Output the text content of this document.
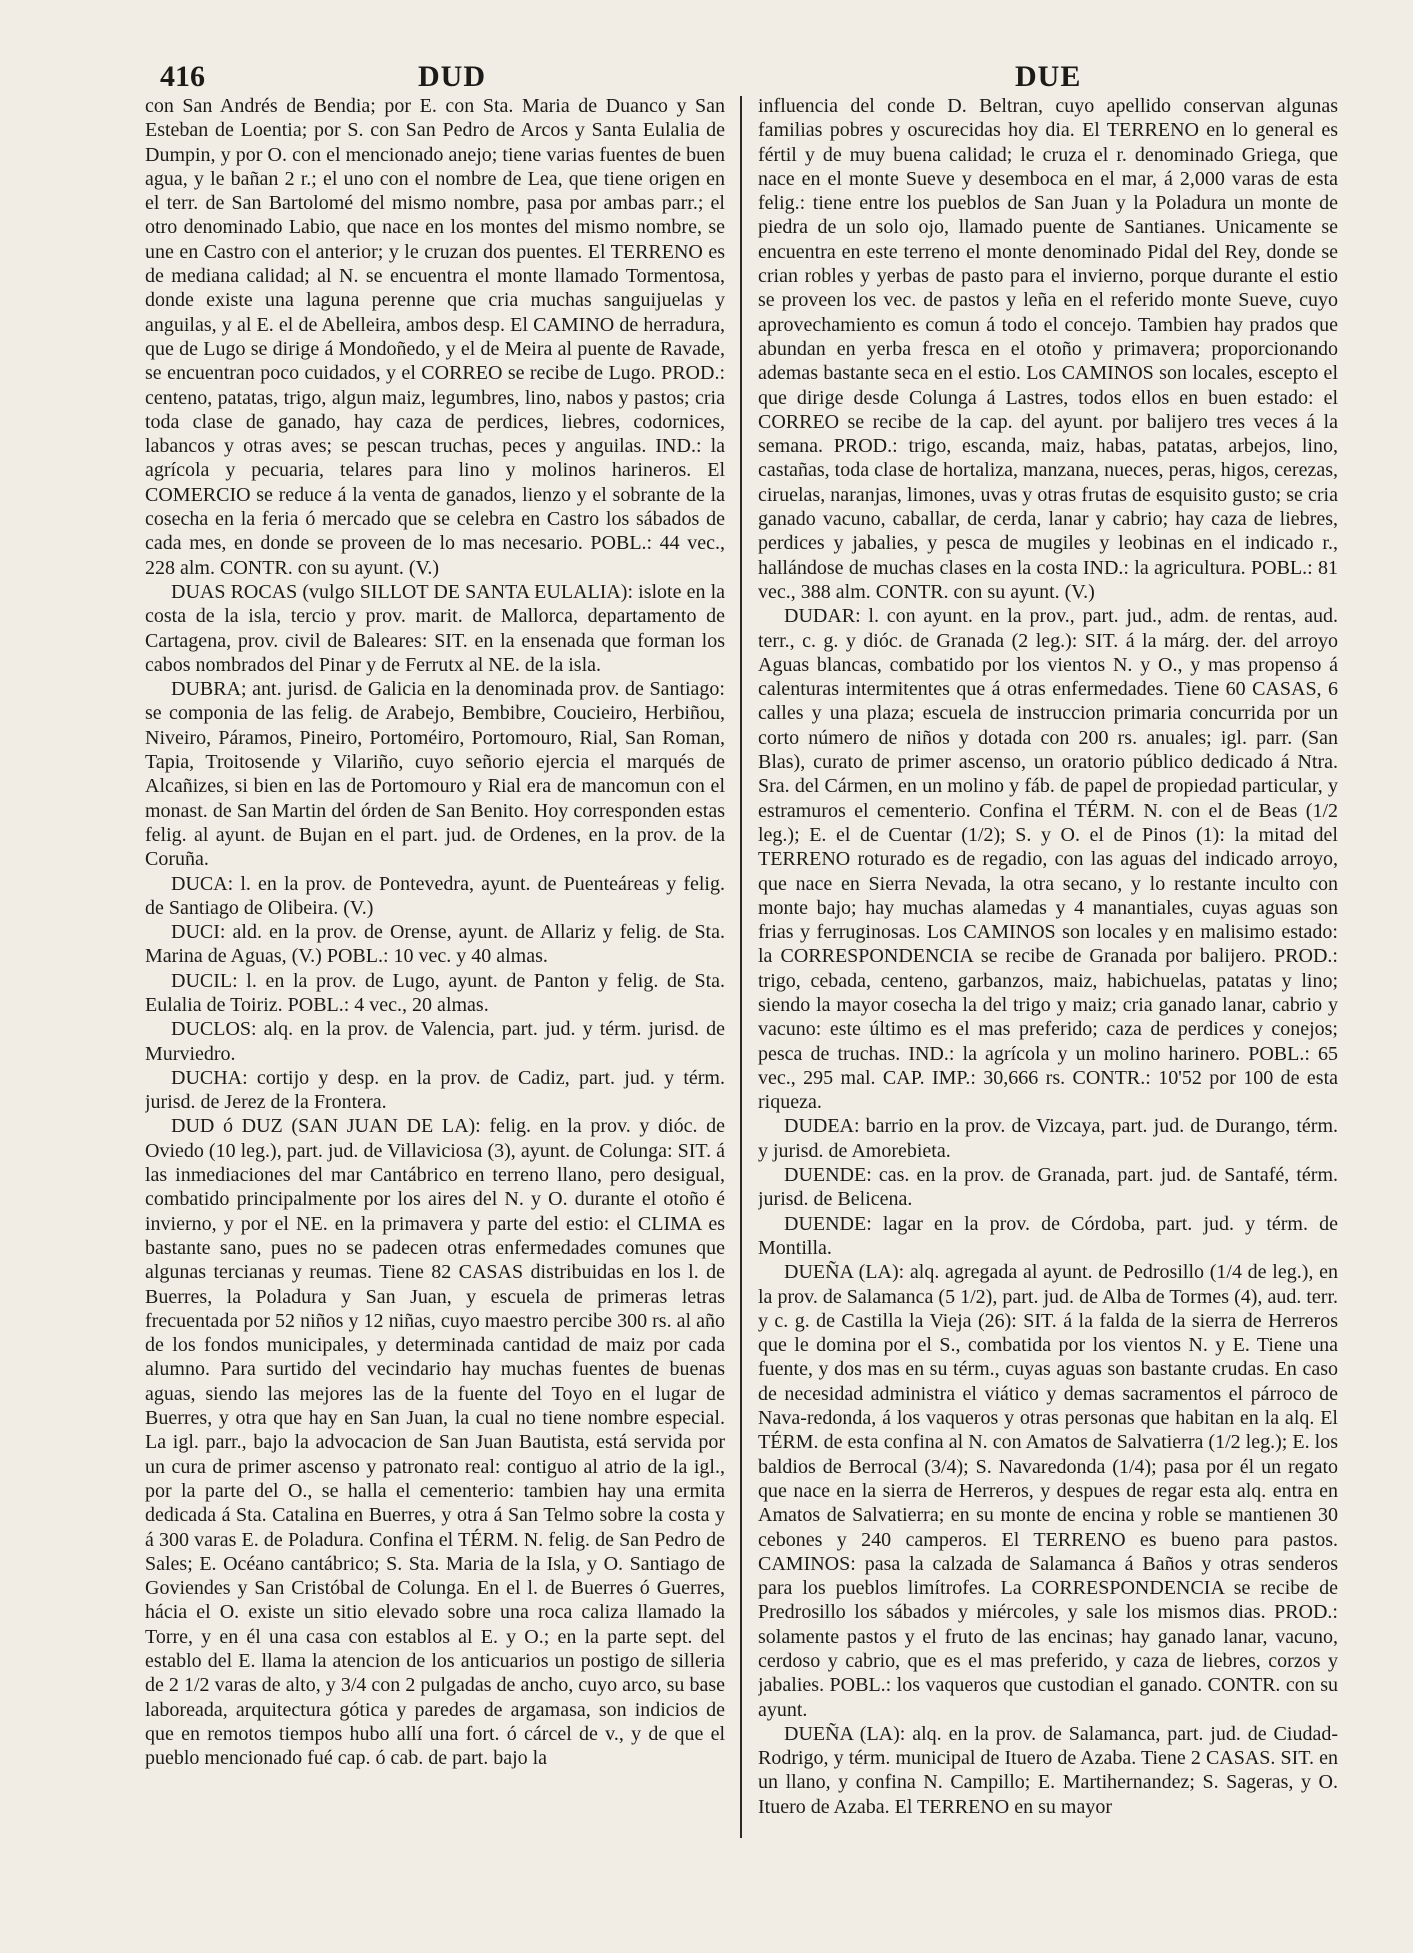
416	DUD	DUE

con San Andrés de Bendia; por E. con Sta. Maria de Duanco y San Esteban de Loentia; por S. con San Pedro de Arcos y Santa Eulalia de Dumpin, y por O. con el mencionado anejo; tiene varias fuentes de buen agua, y le bañan 2 r.; el uno con el nombre de Lea, que tiene origen en el terr. de San Bartolomé del mismo nombre, pasa por ambas parr.; el otro denominado Labio, que nace en los montes del mismo nombre, se une en Castro con el anterior; y le cruzan dos puentes. El TERRENO es de mediana calidad; al N. se encuentra el monte llamado Tormentosa, donde existe una laguna perenne que cria muchas sanguijuelas y anguilas, y al E. el de Abelleira, ambos desp. El CAMINO de herradura, que de Lugo se dirige á Mondoñedo, y el de Meira al puente de Ravade, se encuentran poco cuidados, y el CORREO se recibe de Lugo. PROD.: centeno, patatas, trigo, algun maiz, legumbres, lino, nabos y pastos; cria toda clase de ganado, hay caza de perdices, liebres, codornices, labancos y otras aves; se pescan truchas, peces y anguilas. IND.: la agrícola y pecuaria, telares para lino y molinos harineros. El COMERCIO se reduce á la venta de ganados, lienzo y el sobrante de la cosecha en la feria ó mercado que se celebra en Castro los sábados de cada mes, en donde se proveen de lo mas necesario. POBL.: 44 vec., 228 alm. CONTR. con su ayunt. (V.)

DUAS ROCAS (vulgo SILLOT DE SANTA EULALIA): islote en la costa de la isla, tercio y prov. marit. de Mallorca, departamento de Cartagena, prov. civil de Baleares: SIT. en la ensenada que forman los cabos nombrados del Pinar y de Ferrutx al NE. de la isla.

DUBRA; ant. jurisd. de Galicia en la denominada prov. de Santiago: se componia de las felig. de Arabejo, Bembibre, Coucieiro, Herbiñou, Niveiro, Páramos, Pineiro, Portoméiro, Portomouro, Rial, San Roman, Tapia, Troitosende y Vilariño, cuyo señorio ejercia el marqués de Alcañizes, si bien en las de Portomouro y Rial era de mancomun con el monast. de San Martin del órden de San Benito. Hoy corresponden estas felig. al ayunt. de Bujan en el part. jud. de Ordenes, en la prov. de la Coruña.

DUCA: l. en la prov. de Pontevedra, ayunt. de Puenteáreas y felig. de Santiago de Olibeira. (V.)

DUCI: ald. en la prov. de Orense, ayunt. de Allariz y felig. de Sta. Marina de Aguas, (V.) POBL.: 10 vec. y 40 almas.

DUCIL: l. en la prov. de Lugo, ayunt. de Panton y felig. de Sta. Eulalia de Toiriz. POBL.: 4 vec., 20 almas.

DUCLOS: alq. en la prov. de Valencia, part. jud. y térm. jurisd. de Murviedro.

DUCHA: cortijo y desp. en la prov. de Cadiz, part. jud. y térm. jurisd. de Jerez de la Frontera.

DUD ó DUZ (SAN JUAN DE LA): felig. en la prov. y dióc. de Oviedo (10 leg.), part. jud. de Villaviciosa (3), ayunt. de Colunga: SIT. á las inmediaciones del mar Cantábrico en terreno llano, pero desigual, combatido principalmente por los aires del N. y O. durante el otoño é invierno, y por el NE. en la primavera y parte del estio: el CLIMA es bastante sano, pues no se padecen otras enfermedades comunes que algunas tercianas y reumas. Tiene 82 CASAS distribuidas en los l. de Buerres, la Poladura y San Juan, y escuela de primeras letras frecuentada por 52 niños y 12 niñas, cuyo maestro percibe 300 rs. al año de los fondos municipales, y determinada cantidad de maiz por cada alumno. Para surtido del vecindario hay muchas fuentes de buenas aguas, siendo las mejores las de la fuente del Toyo en el lugar de Buerres, y otra que hay en San Juan, la cual no tiene nombre especial. La igl. parr., bajo la advocacion de San Juan Bautista, está servida por un cura de primer ascenso y patronato real: contiguo al atrio de la igl., por la parte del O., se halla el cementerio: tambien hay una ermita dedicada á Sta. Catalina en Buerres, y otra á San Telmo sobre la costa y á 300 varas E. de Poladura. Confina el TÉRM. N. felig. de San Pedro de Sales; E. Océano cantábrico; S. Sta. Maria de la Isla, y O. Santiago de Goviendes y San Cristóbal de Colunga. En el l. de Buerres ó Guerres, hácia el O. existe un sitio elevado sobre una roca caliza llamado la Torre, y en él una casa con establos al E. y O.; en la parte sept. del establo del E. llama la atencion de los anticuarios un postigo de silleria de 2 1/2 varas de alto, y 3/4 con 2 pulgadas de ancho, cuyo arco, su base laboreada, arquitectura gótica y paredes de argamasa, son indicios de que en remotos tiempos hubo allí una fort. ó cárcel de v., y de que el pueblo mencionado fué cap. ó cab. de part. bajo la

influencia del conde D. Beltran, cuyo apellido conservan algunas familias pobres y oscurecidas hoy dia. El TERRENO en lo general es fértil y de muy buena calidad; le cruza el r. denominado Griega, que nace en el monte Sueve y desemboca en el mar, á 2,000 varas de esta felig.: tiene entre los pueblos de San Juan y la Poladura un monte de piedra de un solo ojo, llamado puente de Santianes. Unicamente se encuentra en este terreno el monte denominado Pidal del Rey, donde se crian robles y yerbas de pasto para el invierno, porque durante el estio se proveen los vec. de pastos y leña en el referido monte Sueve, cuyo aprovechamiento es comun á todo el concejo. Tambien hay prados que abundan en yerba fresca en el otoño y primavera; proporcionando ademas bastante seca en el estio. Los CAMINOS son locales, escepto el que dirige desde Colunga á Lastres, todos ellos en buen estado: el CORREO se recibe de la cap. del ayunt. por balijero tres veces á la semana. PROD.: trigo, escanda, maiz, habas, patatas, arbejos, lino, castañas, toda clase de hortaliza, manzana, nueces, peras, higos, cerezas, ciruelas, naranjas, limones, uvas y otras frutas de esquisito gusto; se cria ganado vacuno, caballar, de cerda, lanar y cabrio; hay caza de liebres, perdices y jabalies, y pesca de mugiles y leobinas en el indicado r., hallándose de muchas clases en la costa IND.: la agricultura. POBL.: 81 vec., 388 alm. CONTR. con su ayunt. (V.)

DUDAR: l. con ayunt. en la prov., part. jud., adm. de rentas, aud. terr., c. g. y dióc. de Granada (2 leg.): SIT. á la márg. der. del arroyo Aguas blancas, combatido por los vientos N. y O., y mas propenso á calenturas intermitentes que á otras enfermedades. Tiene 60 CASAS, 6 calles y una plaza; escuela de instruccion primaria concurrida por un corto número de niños y dotada con 200 rs. anuales; igl. parr. (San Blas), curato de primer ascenso, un oratorio público dedicado á Ntra. Sra. del Cármen, en un molino y fáb. de papel de propiedad particular, y estramuros el cementerio. Confina el TÉRM. N. con el de Beas (1/2 leg.); E. el de Cuentar (1/2); S. y O. el de Pinos (1): la mitad del TERRENO roturado es de regadio, con las aguas del indicado arroyo, que nace en Sierra Nevada, la otra secano, y lo restante inculto con monte bajo; hay muchas alamedas y 4 manantiales, cuyas aguas son frias y ferruginosas. Los CAMINOS son locales y en malisimo estado: la CORRESPONDENCIA se recibe de Granada por balijero. PROD.: trigo, cebada, centeno, garbanzos, maiz, habichuelas, patatas y lino; siendo la mayor cosecha la del trigo y maiz; cria ganado lanar, cabrio y vacuno: este último es el mas preferido; caza de perdices y conejos; pesca de truchas. IND.: la agrícola y un molino harinero. POBL.: 65 vec., 295 mal. CAP. IMP.: 30,666 rs. CONTR.: 10'52 por 100 de esta riqueza.

DUDEA: barrio en la prov. de Vizcaya, part. jud. de Durango, térm. y jurisd. de Amorebieta.

DUENDE: cas. en la prov. de Granada, part. jud. de Santafé, térm. jurisd. de Belicena.

DUENDE: lagar en la prov. de Córdoba, part. jud. y térm. de Montilla.

DUEÑA (LA): alq. agregada al ayunt. de Pedrosillo (1/4 de leg.), en la prov. de Salamanca (5 1/2), part. jud. de Alba de Tormes (4), aud. terr. y c. g. de Castilla la Vieja (26): SIT. á la falda de la sierra de Herreros que le domina por el S., combatida por los vientos N. y E. Tiene una fuente, y dos mas en su térm., cuyas aguas son bastante crudas. En caso de necesidad administra el viático y demas sacramentos el párroco de Nava-redonda, á los vaqueros y otras personas que habitan en la alq. El TÉRM. de esta confina al N. con Amatos de Salvatierra (1/2 leg.); E. los baldios de Berrocal (3/4); S. Navaredonda (1/4); pasa por él un regato que nace en la sierra de Herreros, y despues de regar esta alq. entra en Amatos de Salvatierra; en su monte de encina y roble se mantienen 30 cebones y 240 camperos. El TERRENO es bueno para pastos. CAMINOS: pasa la calzada de Salamanca á Baños y otras senderos para los pueblos limítrofes. La CORRESPONDENCIA se recibe de Predrosillo los sábados y miércoles, y sale los mismos dias. PROD.: solamente pastos y el fruto de las encinas; hay ganado lanar, vacuno, cerdoso y cabrio, que es el mas preferido, y caza de liebres, corzos y jabalies. POBL.: los vaqueros que custodian el ganado. CONTR. con su ayunt.

DUEÑA (LA): alq. en la prov. de Salamanca, part. jud. de Ciudad-Rodrigo, y térm. municipal de Ituero de Azaba. Tiene 2 CASAS. SIT. en un llano, y confina N. Campillo; E. Martihernandez; S. Sageras, y O. Ituero de Azaba. El TERRENO en su mayor
